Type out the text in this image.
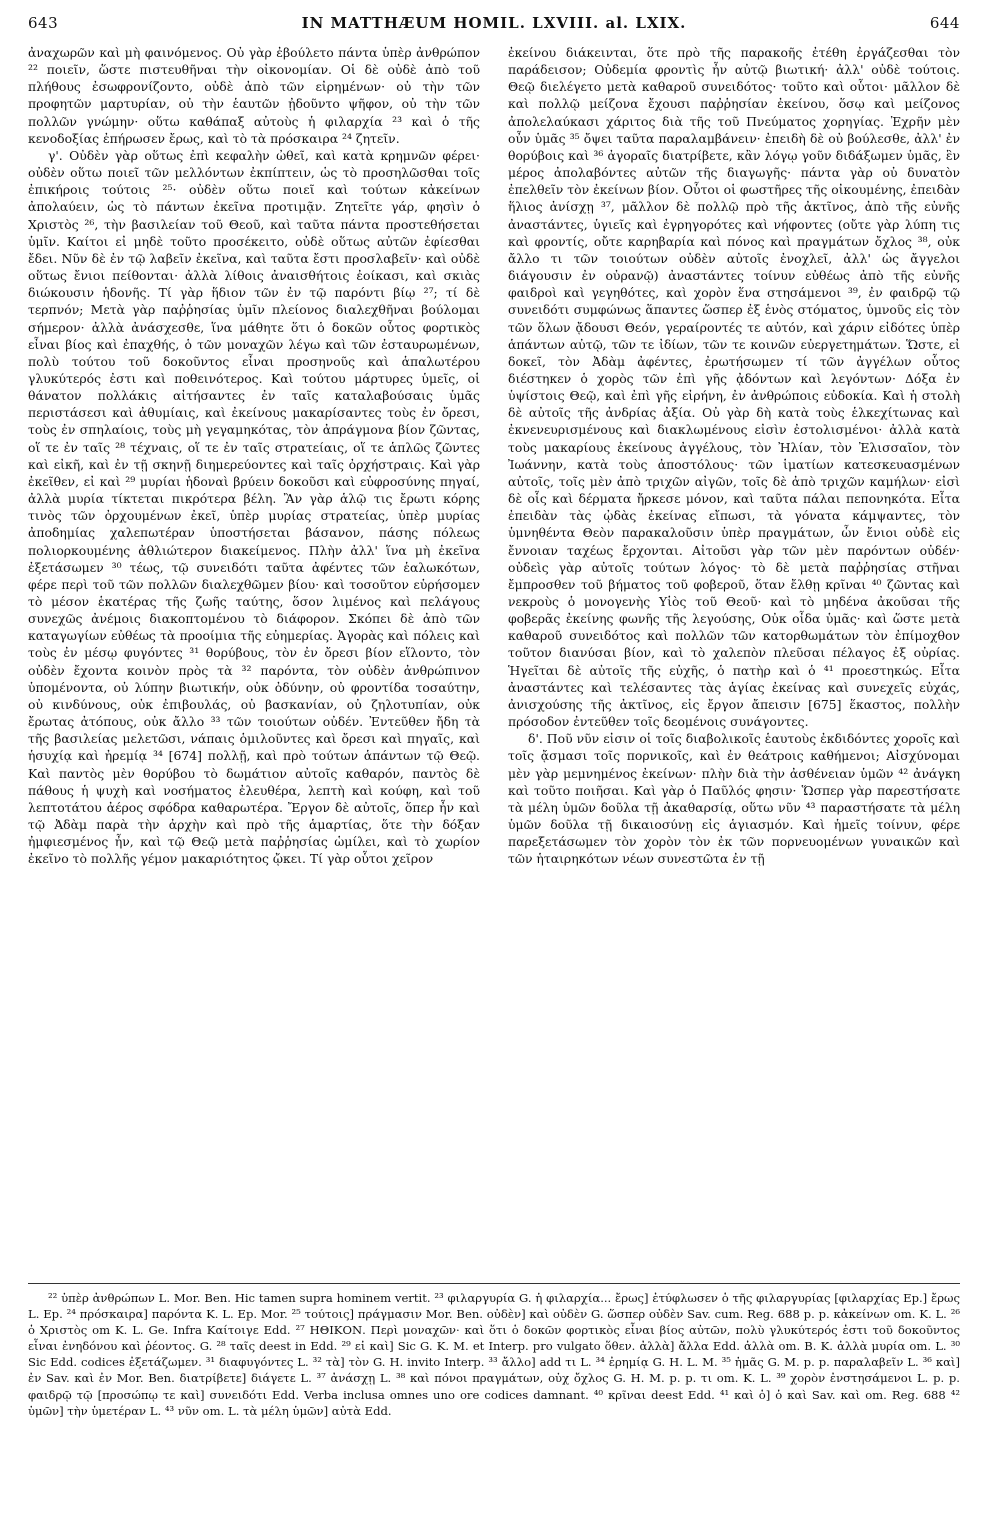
643	IN MATTHÆUM HOMIL. LXVIII. al. LXIX.	644

ἀναχωρῶν καὶ μὴ φαινόμενος. Οὐ γὰρ ἐβούλετο πάντα ὑπὲρ ἀνθρώπον ²² ποιεῖν, ὥστε πιστευθῆναι τὴν οἰκονομίαν. Οἱ δὲ οὐδὲ ἀπὸ τοῦ πλήθους ἐσωφρονίζοντο, οὐδὲ ἀπὸ τῶν εἰρημένων· οὐ τὴν τῶν προφητῶν μαρτυρίαν, οὐ τὴν ἑαυτῶν ᾐδοῦντο ψῆφον, οὐ τὴν τῶν πολλῶν γνώμην· οὕτω καθάπαξ αὐτοὺς ἡ φιλαρχία ²³ καὶ ὁ τῆς κενοδοξίας ἐπήρωσεν ἔρως, καὶ τὸ τὰ πρόσκαιρα ²⁴ ζητεῖν.

γ'. Οὐδὲν γὰρ οὕτως ἐπὶ κεφαλὴν ὠθεῖ, καὶ κατὰ κρημνῶν φέρει· οὐδὲν οὕτω ποιεῖ τῶν μελλόντων ἐκπίπτειν, ὡς τὸ προσηλῶσθαι τοῖς ἐπικήροις τούτοις ²⁵· οὐδὲν οὕτω ποιεῖ καὶ τούτων κἀκείνων ἀπολαύειν, ὡς τὸ πάντων ἐκεῖνα προτιμᾷν. Ζητεῖτε γάρ, φησὶν ὁ Χριστὸς ²⁶, τὴν βασιλείαν τοῦ Θεοῦ, καὶ ταῦτα πάντα προστεθήσεται ὑμῖν. Καίτοι εἰ μηδὲ τοῦτο προσέκειτο, οὐδὲ οὕτως αὐτῶν ἐφίεσθαι ἔδει. Νῦν δὲ ἐν τῷ λαβεῖν ἐκεῖνα, καὶ ταῦτα ἔστι προσλαβεῖν· καὶ οὐδὲ οὕτως ἔνιοι πείθονται· ἀλλὰ λίθοις ἀναισθήτοις ἐοίκασι, καὶ σκιὰς διώκουσιν ἡδονῆς. Τί γὰρ ἥδιον τῶν ἐν τῷ παρόντι βίῳ ²⁷; τί δὲ τερπνόν; Μετὰ γὰρ παῤῥησίας ὑμῖν πλείονος διαλεχθῆναι βούλομαι σήμερον· ἀλλὰ ἀνάσχεσθε, ἵνα μάθητε ὅτι ὁ δοκῶν οὗτος φορτικὸς εἶναι βίος καὶ ἐπαχθής, ὁ τῶν μοναχῶν λέγω καὶ τῶν ἐσταυρωμένων, πολὺ τούτου τοῦ δοκοῦντος εἶναι προσηνοῦς καὶ ἁπαλωτέρου γλυκύτερός ἐστι καὶ ποθεινότερος. Καὶ τούτου μάρτυρες ὑμεῖς, οἱ θάνατον πολλάκις αἰτήσαντες ἐν ταῖς καταλαβούσαις ὑμᾶς περιστάσεσι καὶ ἀθυμίαις, καὶ ἐκείνους μακαρίσαντες τοὺς ἐν ὄρεσι, τοὺς ἐν σπηλαίοις, τοὺς μὴ γεγαμηκότας, τὸν ἀπράγμονα βίον ζῶντας, οἵ τε ἐν ταῖς ²⁸ τέχναις, οἵ τε ἐν ταῖς στρατείαις, οἵ τε ἁπλῶς ζῶντες καὶ εἰκῆ, καὶ ἐν τῇ σκηνῇ διημερεύοντες καὶ ταῖς ὀρχήστραις. Καὶ γὰρ ἐκεῖθεν, εἰ καὶ ²⁹ μυρίαι ἡδοναὶ βρύειν δοκοῦσι καὶ εὐφροσύνης πηγαί, ἀλλὰ μυρία τίκτεται πικρότερα βέλη. Ἂν γὰρ ἁλῷ τις ἔρωτι κόρης τινὸς τῶν ὀρχουμένων ἐκεῖ, ὑπὲρ μυρίας στρατείας, ὑπὲρ μυρίας ἀποδημίας χαλεπωτέραν ὑποστήσεται βάσανον, πάσης πόλεως πολιορκουμένης ἀθλιώτερον διακείμενος. Πλὴν ἀλλ' ἵνα μὴ ἐκεῖνα ἐξετάσωμεν ³⁰ τέως, τῷ συνειδότι ταῦτα ἀφέντες τῶν ἑαλωκότων, φέρε περὶ τοῦ τῶν πολλῶν διαλεχθῶμεν βίου· καὶ τοσοῦτον εὑρήσομεν τὸ μέσον ἑκατέρας τῆς ζωῆς ταύτης, ὅσον λιμένος καὶ πελάγους συνεχῶς ἀνέμοις διακοπτομένου τὸ διάφορον. Σκόπει δὲ ἀπὸ τῶν καταγωγίων εὐθέως τὰ προοίμια τῆς εὐημερίας. Ἀγορὰς καὶ πόλεις καὶ τοὺς ἐν μέσῳ φυγόντες ³¹ θορύβους, τὸν ἐν ὄρεσι βίον εἵλοντο, τὸν οὐδὲν ἔχοντα κοινὸν πρὸς τὰ ³² παρόντα, τὸν οὐδὲν ἀνθρώπινον ὑπομένοντα, οὐ λύπην βιωτικήν, οὐκ ὀδύνην, οὐ φροντίδα τοσαύτην, οὐ κινδύνους, οὐκ ἐπιβουλάς, οὐ βασκανίαν, οὐ ζηλοτυπίαν, οὐκ ἔρωτας ἀτόπους, οὐκ ἄλλο ³³ τῶν τοιούτων οὐδέν. Ἐντεῦθεν ἤδη τὰ τῆς βασιλείας μελετῶσι, νάπαις ὁμιλοῦντες καὶ ὄρεσι καὶ πηγαῖς, καὶ ἡσυχίᾳ καὶ ἠρεμίᾳ ³⁴ [674] πολλῇ, καὶ πρὸ τούτων ἁπάντων τῷ Θεῷ. Καὶ παντὸς μὲν θορύβου τὸ δωμάτιον αὐτοῖς καθαρόν, παντὸς δὲ πάθους ἡ ψυχὴ καὶ νοσήματος ἐλευθέρα, λεπτὴ καὶ κούφη, καὶ τοῦ λεπτοτάτου ἀέρος σφόδρα καθαρωτέρα. Ἔργον δὲ αὐτοῖς, ὅπερ ἦν καὶ τῷ Ἀδὰμ παρὰ τὴν ἀρχὴν καὶ πρὸ τῆς ἁμαρτίας, ὅτε τὴν δόξαν ἠμφιεσμένος ἦν, καὶ τῷ Θεῷ μετὰ παῤῥησίας ὡμίλει, καὶ τὸ χωρίον ἐκεῖνο τὸ πολλῆς γέμον μακαριότητος ᾤκει. Τί γὰρ οὗτοι χεῖρον

ἐκείνου διάκεινται, ὅτε πρὸ τῆς παρακοῆς ἐτέθη ἐργάζεσθαι τὸν παράδεισον; Οὐδεμία φροντὶς ἦν αὐτῷ βιωτική· ἀλλ' οὐδὲ τούτοις. Θεῷ διελέγετο μετὰ καθαροῦ συνειδότος· τοῦτο καὶ οὗτοι· μᾶλλον δὲ καὶ πολλῷ μείζονα ἔχουσι παῤῥησίαν ἐκείνου, ὅσῳ καὶ μείζονος ἀπολελαύκασι χάριτος διὰ τῆς τοῦ Πνεύματος χορηγίας. Ἐχρῆν μὲν οὖν ὑμᾶς ³⁵ ὄψει ταῦτα παραλαμβάνειν· ἐπειδὴ δὲ οὐ βούλεσθε, ἀλλ' ἐν θορύβοις καὶ ³⁶ ἀγοραῖς διατρίβετε, κἂν λόγῳ γοῦν διδάξωμεν ὑμᾶς, ἓν μέρος ἀπολαβόντες αὐτῶν τῆς διαγωγῆς· πάντα γὰρ οὐ δυνατὸν ἐπελθεῖν τὸν ἐκείνων βίον. Οὗτοι οἱ φωστῆρες τῆς οἰκουμένης, ἐπειδὰν ἥλιος ἀνίσχῃ ³⁷, μᾶλλον δὲ πολλῷ πρὸ τῆς ἀκτῖνος, ἀπὸ τῆς εὐνῆς ἀναστάντες, ὑγιεῖς καὶ ἐγρηγορότες καὶ νήφοντες (οὔτε γὰρ λύπη τις καὶ φροντίς, οὔτε καρηβαρία καὶ πόνος καὶ πραγμάτων ὄχλος ³⁸, οὐκ ἄλλο τι τῶν τοιούτων οὐδὲν αὐτοῖς ἐνοχλεῖ, ἀλλ' ὡς ἄγγελοι διάγουσιν ἐν οὐρανῷ) ἀναστάντες τοίνυν εὐθέως ἀπὸ τῆς εὐνῆς φαιδροὶ καὶ γεγηθότες, καὶ χορὸν ἕνα στησάμενοι ³⁹, ἐν φαιδρῷ τῷ συνειδότι συμφώνως ἅπαντες ὥσπερ ἐξ ἑνὸς στόματος, ὑμνοῦς εἰς τὸν τῶν ὅλων ᾄδουσι Θεόν, γεραίροντές τε αὐτόν, καὶ χάριν εἰδότες ὑπὲρ ἁπάντων αὐτῷ, τῶν τε ἰδίων, τῶν τε κοινῶν εὐεργετημάτων. Ὥστε, εἰ δοκεῖ, τὸν Ἀδὰμ ἀφέντες, ἐρωτήσωμεν τί τῶν ἀγγέλων οὗτος διέστηκεν ὁ χορὸς τῶν ἐπὶ γῆς ᾀδόντων καὶ λεγόντων· Δόξα ἐν ὑψίστοις Θεῷ, καὶ ἐπὶ γῆς εἰρήνη, ἐν ἀνθρώποις εὐδοκία. Καὶ ἡ στολὴ δὲ αὐτοῖς τῆς ἀνδρίας ἀξία. Οὐ γὰρ δὴ κατὰ τοὺς ἑλκεχίτωνας καὶ ἐκνενευρισμένους καὶ διακλωμένους εἰσὶν ἐστολισμένοι· ἀλλὰ κατὰ τοὺς μακαρίους ἐκείνους ἀγγέλους, τὸν Ἠλίαν, τὸν Ἐλισσαῖον, τὸν Ἰωάννην, κατὰ τοὺς ἀποστόλους· τῶν ἱματίων κατεσκευασμένων αὐτοῖς, τοῖς μὲν ἀπὸ τριχῶν αἰγῶν, τοῖς δὲ ἀπὸ τριχῶν καμήλων· εἰσὶ δὲ οἷς καὶ δέρματα ἤρκεσε μόνον, καὶ ταῦτα πάλαι πεπονηκότα. Εἶτα ἐπειδὰν τὰς ᾠδὰς ἐκείνας εἴπωσι, τὰ γόνατα κάμψαντες, τὸν ὑμνηθέντα Θεὸν παρακαλοῦσιν ὑπὲρ πραγμάτων, ὧν ἔνιοι οὐδὲ εἰς ἔννοιαν ταχέως ἔρχονται. Αἰτοῦσι γὰρ τῶν μὲν παρόντων οὐδέν· οὐδεὶς γὰρ αὐτοῖς τούτων λόγος· τὸ δὲ μετὰ παῤῥησίας στῆναι ἔμπροσθεν τοῦ βήματος τοῦ φοβεροῦ, ὅταν ἔλθῃ κρῖναι ⁴⁰ ζῶντας καὶ νεκροὺς ὁ μονογενὴς Υἱὸς τοῦ Θεοῦ· καὶ τὸ μηδένα ἀκοῦσαι τῆς φοβερᾶς ἐκείνης φωνῆς τῆς λεγούσης, Οὐκ οἶδα ὑμᾶς· καὶ ὥστε μετὰ καθαροῦ συνειδότος καὶ πολλῶν τῶν κατορθωμάτων τὸν ἐπίμοχθον τοῦτον διανύσαι βίον, καὶ τὸ χαλεπὸν πλεῦσαι πέλαγος ἐξ οὐρίας. Ἡγεῖται δὲ αὐτοῖς τῆς εὐχῆς, ὁ πατὴρ καὶ ὁ ⁴¹ προεστηκώς. Εἶτα ἀναστάντες καὶ τελέσαντες τὰς ἁγίας ἐκείνας καὶ συνεχεῖς εὐχάς, ἀνισχούσης τῆς ἀκτῖνος, εἰς ἔργον ἄπεισιν [675] ἕκαστος, πολλὴν πρόσοδον ἐντεῦθεν τοῖς δεομένοις συνάγοντες.

δ'. Ποῦ νῦν εἰσιν οἱ τοῖς διαβολικοῖς ἑαυτοὺς ἐκδιδόντες χοροῖς καὶ τοῖς ᾄσμασι τοῖς πορνικοῖς, καὶ ἐν θεάτροις καθήμενοι; Αἰσχύνομαι μὲν γὰρ μεμνημένος ἐκείνων· πλὴν διὰ τὴν ἀσθένειαν ὑμῶν ⁴² ἀνάγκη καὶ τοῦτο ποιῆσαι. Καὶ γὰρ ὁ Παῦλός φησιν· Ὥσπερ γὰρ παρεστήσατε τὰ μέλη ὑμῶν δοῦλα τῇ ἀκαθαρσίᾳ, οὕτω νῦν ⁴³ παραστήσατε τὰ μέλη ὑμῶν δοῦλα τῇ δικαιοσύνῃ εἰς ἁγιασμόν. Καὶ ἡμεῖς τοίνυν, φέρε παρεξετάσωμεν τὸν χορὸν τὸν ἐκ τῶν πορνευομένων γυναικῶν καὶ τῶν ἡταιρηκότων νέων συνεστῶτα ἐν τῇ

²² ὑπὲρ ἀνθρώπων L. Mor. Ben. Hic tamen supra hominem vertit. ²³ φιλαργυρία G. ἡ φιλαρχία... ἔρως] ἐτύφλωσεν ὁ τῆς φιλαργυρίας [φιλαρχίας Ep.] ἔρως L. Ep. ²⁴ πρόσκαιρα] παρόντα K. L. Ep. Mor. ²⁵ τούτοις] πράγμασιν Mor. Ben. οὐδὲν] καὶ οὐδὲν G. ὥσπερ οὐδὲν Sav. cum. Reg. 688 p. p. κἀκείνων om. K. L. ²⁶ ὁ Χριστὸς om K. L. Ge. Infra Καίτοιγε Edd. ²⁷ ΗΘΙΚΟΝ. Περὶ μοναχῶν· καὶ ὅτι ὁ δοκῶν φορτικὸς εἶναι βίος αὐτῶν, πολὺ γλυκύτερός ἐστι τοῦ δοκοῦντος εἶναι ἐνηδόνου καὶ ῥέοντος. G. ²⁸ ταῖς deest in Edd. ²⁹ εἰ καὶ] Sic G. K. M. et Interp. pro vulgato ὅθεν. ἀλλὰ] ἄλλα Edd. ἀλλὰ om. B. K. ἀλλὰ μυρία om. L. ³⁰ Sic Edd. codices ἐξετάζωμεν. ³¹ διαφυγόντες L. ³² τὰ] τὸν G. H. invito Interp. ³³ ἄλλο] add τι L. ³⁴ ἐρημίᾳ G. H. L. M. ³⁵ ἡμᾶς G. M. p. p. παραλαβεῖν L. ³⁶ καὶ] ἐν Sav. καὶ ἐν Mor. Ben. διατρίβετε] διάγετε L. ³⁷ ἀνάσχῃ L. ³⁸ καὶ πόνοι πραγμάτων, οὐχ ὄχλος G. H. M. p. p. τι om. K. L. ³⁹ χορὸν ἐνστησάμενοι L. p. p. φαιδρῷ τῷ [προσώπῳ τε καὶ] συνειδότι Edd. Verba inclusa omnes uno ore codices damnant. ⁴⁰ κρῖναι deest Edd. ⁴¹ καὶ ὁ] ὁ καὶ Sav. καὶ om. Reg. 688 ⁴² ὑμῶν] τὴν ὑμετέραν L. ⁴³ νῦν om. L. τὰ μέλη ὑμῶν] αὐτὰ Edd.
